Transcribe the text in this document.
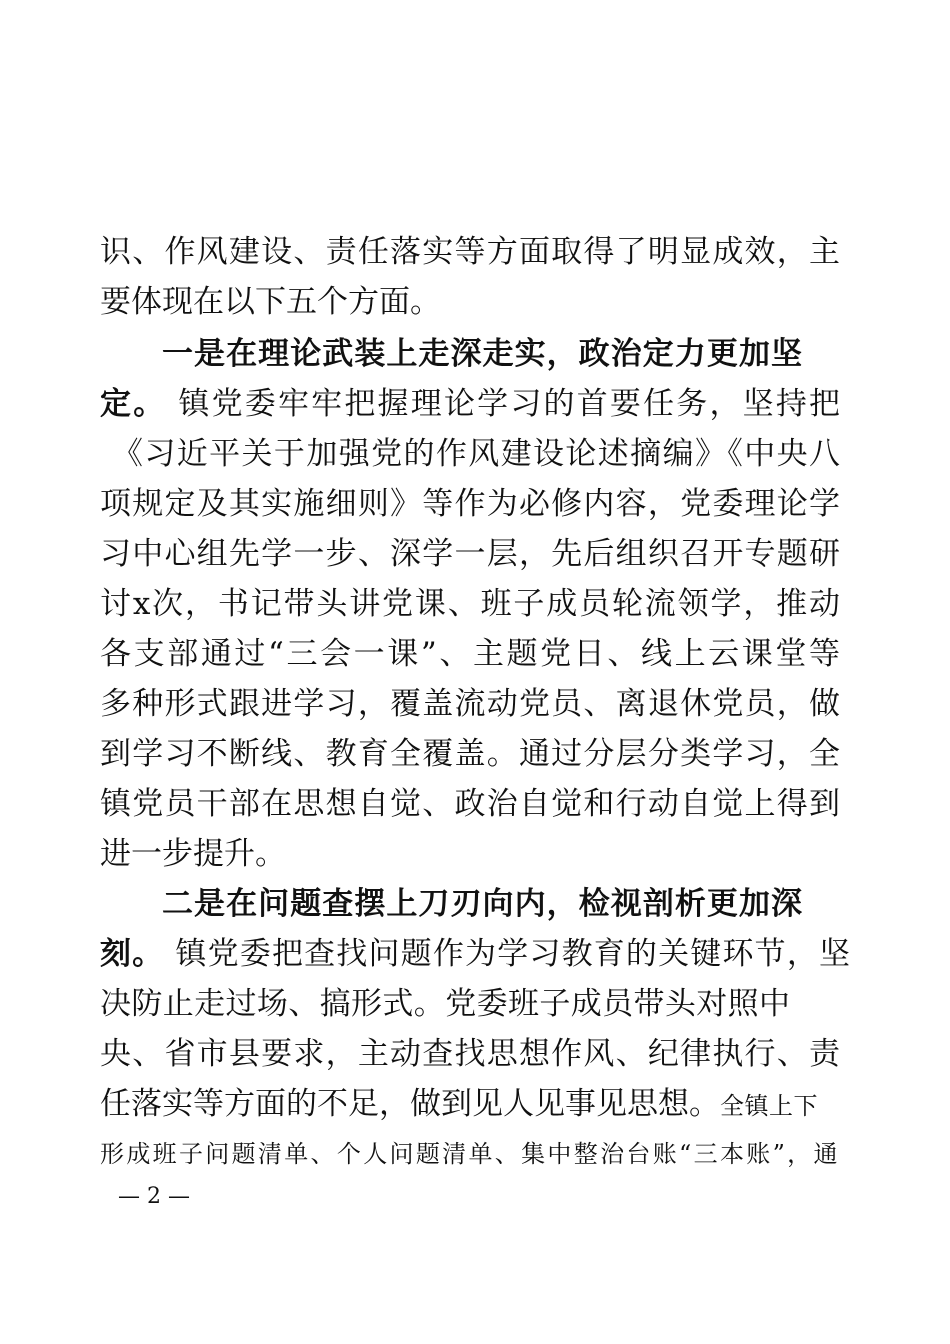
识、作风建设、责任落实等方面取得了明显成效，主
要体现在以下五个方面。
一是在理论武装上走深走实，政治定力更加坚
定。 镇党委牢牢把握理论学习的首要任务，坚持把
《习近平关于加强党的作风建设论述摘编》《中央八
项规定及其实施细则》等作为必修内容，党委理论学
习中心组先学一步、深学一层，先后组织召开专题研
讨x次，书记带头讲党课、班子成员轮流领学，推动
各支部通过“三会一课”、主题党日、线上云课堂等
多种形式跟进学习，覆盖流动党员、离退休党员，做
到学习不断线、教育全覆盖。通过分层分类学习，全
镇党员干部在思想自觉、政治自觉和行动自觉上得到
进一步提升。
二是在问题查摆上刀刃向内，检视剖析更加深
刻。 镇党委把查找问题作为学习教育的关键环节，坚
决防止走过场、搞形式。党委班子成员带头对照中
央、省市县要求，主动查找思想作风、纪律执行、责
任落实等方面的不足，做到见人见事见思想。全镇上下
形成班子问题清单、个人问题清单、集中整治台账“三本账”，通
— 2 —
